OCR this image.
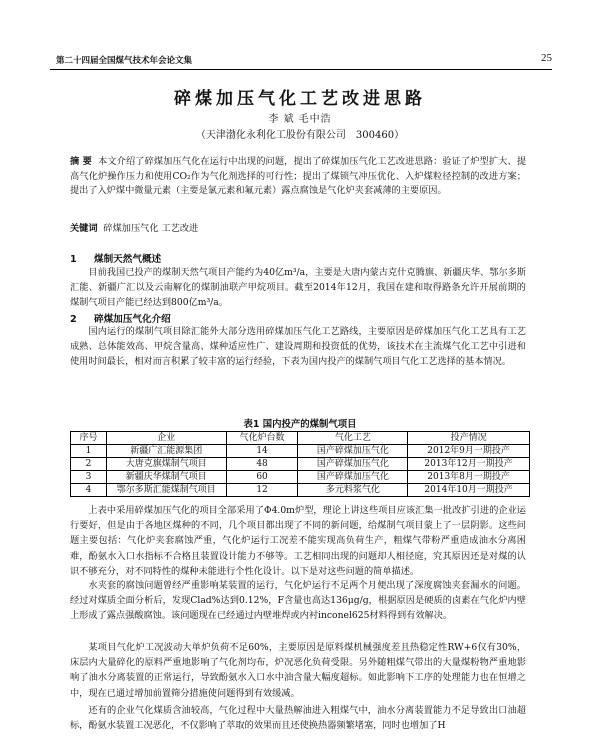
第二十四届全国煤气技术年会论文集	25
碎煤加压气化工艺改进思路
李 斌 毛中浩
（天津渤化永利化工股份有限公司　300460）
摘 要 本文介绍了碎煤加压气化在运行中出现的问题，提出了碎煤加压气化工艺改进思路：验证了炉型扩大、提高气化炉操作压力和使用CO₂作为气化剂选择的可行性；提出了煤锁气冲压优化、入炉煤粒径控制的改进方案；提出了入炉煤中微量元素（主要是氯元素和氟元素）露点腐蚀是气化炉夹套减薄的主要原因。
关键词 碎煤加压气化 工艺改进
1 煤制天然气概述
目前我国已投产的煤制天然气项目产能约为40亿m³/a，主要是大唐内蒙古克什克腾旗、新疆庆华、鄂尔多斯汇能、新疆广汇以及云南解化的煤制油联产甲烷项目。截至2014年12月，我国在建和取得路条允许开展前期的煤制气项目产能已经达到800亿m³/a。
2 碎煤加压气化介绍
国内运行的煤制气项目除汇能外大部分选用碎煤加压气化工艺路线，主要原因是碎煤加压气化工艺具有工艺成熟、总体能效高、甲烷含量高、煤种适应性广、建设周期和投资低的优势，该技术在主流煤气化工艺中引进和使用时间最长，相对而言积累了较丰富的运行经验，下表为国内投产的煤制气项目气化工艺选择的基本情况。
表1 国内投产的煤制气项目
序号	企业	气化炉台数	气化工艺	投产情况
1	新疆广汇能源集团	14	国产碎煤加压气化	2012年9月一期投产
2	大唐克旗煤制气项目	48	国产碎煤加压气化	2013年12月一期投产
3	新疆庆华煤制气项目	60	国产碎煤加压气化	2013年8月一期投产
4	鄂尔多斯汇能煤制气项目	12	多元料浆气化	2014年10月一期投产
上表中采用碎煤加压气化的项目全部采用了Φ4.0m炉型，理论上讲这些项目应该汇集一批改扩引进的企业运行要好，但是由于各地区煤种的不同，几个项目都出现了不同的新问题，给煤制气项目蒙上了一层阴影。这些问题主要包括：气化炉夹套腐蚀严重，气化炉运行工况差不能实现高负荷生产，粗煤气带粉严重造成油水分离困难，酚氨水入口水指标不合格且装置设计能力不够等。工艺相同出现的问题却人相径庭，究其原因还是对煤的认识不够充分，对不同特性的煤种未能进行个性化设计。以下是对这些问题的简单描述。
水夹套的腐蚀问题曾经严重影响某装置的运行，气化炉运行不足两个月便出现了深度腐蚀夹套漏水的问题。经过对煤质全面分析后，发现Clad%达到0.12%，F含量也高达136μg/g，根据原因是硬质的卤素在气化炉内壁上形成了露点强酸腐蚀。该问题现在已经通过内壁堆焊或内衬inconel625材料得到有效解决。
某项目气化炉工况波动大单炉负荷不足60%，主要原因是原料煤机械强度差且热稳定性RW+6仅有30%，床层内大量碎化的原料严重地影响了气化剂均布，炉况恶化负荷受限。另外随粗煤气带出的大量煤粉物严重地影响了油水分离装置的正常运行，导致酚氨水入口水中油含量大幅度超标。如此影响下工序的处理能力也在恒增之中，现在已通过增加前置筛分措施使问题得到有效缓减。
还有的企业气化煤质含油较高，气化过程中大量热解油进入粗煤气中，油水分离装置能力不足导致出口油超标，酚氨水装置工况恶化，不仅影响了萃取的效果而且还使换热器频繁堵塞，同时也增加了H
